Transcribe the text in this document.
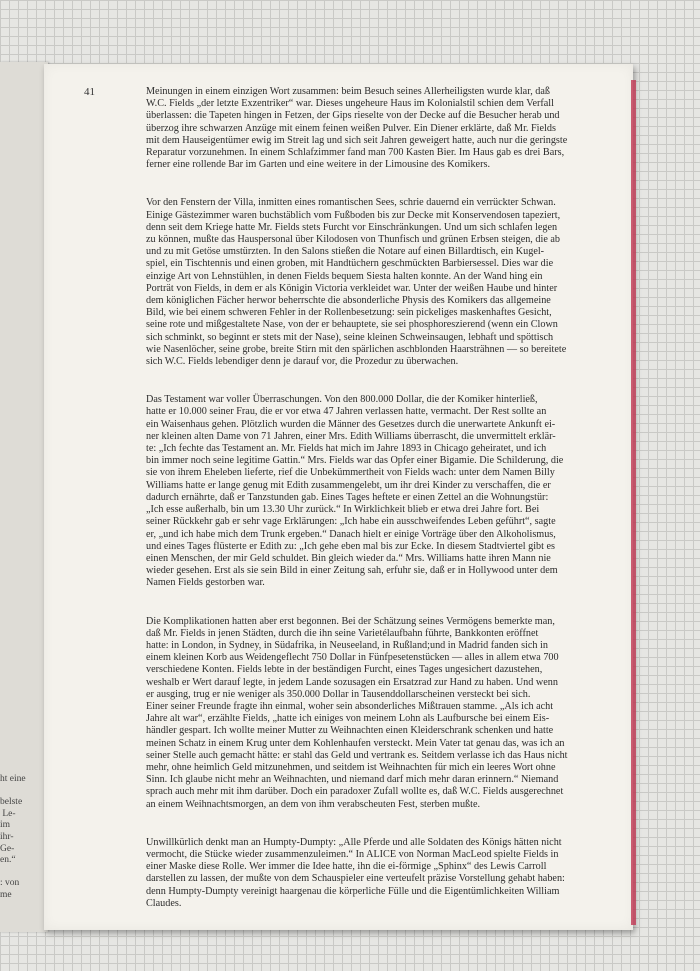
ht eine

belste
Le-
im
ihr-
Ge-
en.“

: von
me
41	Meinungen in einem einzigen Wort zusammen: beim Besuch seines Allerheiligsten wurde klar, daß
W.C. Fields „der letzte Exzentriker“ war. Dieses ungeheure Haus im Kolonialstil schien dem Verfall
überlassen: die Tapeten hingen in Fetzen, der Gips rieselte von der Decke auf die Besucher herab und
überzog ihre schwarzen Anzüge mit einem feinen weißen Pulver. Ein Diener erklärte, daß Mr. Fields
mit dem Hauseigentümer ewig im Streit lag und sich seit Jahren geweigert hatte, auch nur die geringste
Reparatur vorzunehmen. In einem Schlafzimmer fand man 700 Kasten Bier. Im Haus gab es drei Bars,
ferner eine rollende Bar im Garten und eine weitere in der Limousine des Komikers.

Vor den Fenstern der Villa, inmitten eines romantischen Sees, schrie dauernd ein verrückter Schwan.
Einige Gästezimmer waren buchstäblich vom Fußboden bis zur Decke mit Konservendosen tapeziert,
denn seit dem Kriege hatte Mr. Fields stets Furcht vor Einschränkungen. Und um sich schlafen legen
zu können, mußte das Hauspersonal über Kilodosen von Thunfisch und grünen Erbsen steigen, die ab
und zu mit Getöse umstürzten. In den Salons stießen die Notare auf einen Billardtisch, ein Kugel-
spiel, ein Tischtennis und einen groben, mit Handtüchern geschmückten Barbiersessel. Dies war die
einzige Art von Lehnstühlen, in denen Fields bequem Siesta halten konnte. An der Wand hing ein
Porträt von Fields, in dem er als Königin Victoria verkleidet war. Unter der weißen Haube und hinter
dem königlichen Fächer herwor beherrschte die absonderliche Physis des Komikers das allgemeine
Bild, wie bei einem schweren Fehler in der Rollenbesetzung: sein pickeliges maskenhaftes Gesicht,
seine rote und mißgestaltete Nase, von der er behauptete, sie sei phosphoreszierend (wenn ein Clown
sich schminkt, so beginnt er stets mit der Nase), seine kleinen Schweinsaugen, lebhaft und spöttisch
wie Nasenlöcher, seine grobe, breite Stirn mit den spärlichen aschblonden Haarsträhnen — so bereitete
sich W.C. Fields lebendiger denn je darauf vor, die Prozedur zu überwachen.

Das Testament war voller Überraschungen. Von den 800.000 Dollar, die der Komiker hinterließ,
hatte er 10.000 seiner Frau, die er vor etwa 47 Jahren verlassen hatte, vermacht. Der Rest sollte an
ein Waisenhaus gehen. Plötzlich wurden die Männer des Gesetzes durch die unerwartete Ankunft ei-
ner kleinen alten Dame von 71 Jahren, einer Mrs. Edith Williams überrascht, die unvermittelt erklär-
te: „Ich fechte das Testament an. Mr. Fields hat mich im Jahre 1893 in Chicago geheiratet, und ich
bin immer noch seine legitime Gattin.“ Mrs. Fields war das Opfer einer Bigamie. Die Schilderung, die
sie von ihrem Eheleben lieferte, rief die Unbekümmertheit von Fields wach: unter dem Namen Billy
Williams hatte er lange genug mit Edith zusammengelebt, um ihr drei Kinder zu verschaffen, die er
dadurch ernährte, daß er Tanzstunden gab. Eines Tages heftete er einen Zettel an die Wohnungstür:
„Ich esse außerhalb, bin um 13.30 Uhr zurück.“ In Wirklichkeit blieb er etwa drei Jahre fort. Bei
seiner Rückkehr gab er sehr vage Erklärungen: „Ich habe ein ausschweifendes Leben geführt“, sagte
er, „und ich habe mich dem Trunk ergeben.“ Danach hielt er einige Vorträge über den Alkoholismus,
und eines Tages flüsterte er Edith zu: „Ich gehe eben mal bis zur Ecke. In diesem Stadtviertel gibt es
einen Menschen, der mir Geld schuldet. Bin gleich wieder da.“ Mrs. Williams hatte ihren Mann nie
wieder gesehen. Erst als sie sein Bild in einer Zeitung sah, erfuhr sie, daß er in Hollywood unter dem
Namen Fields gestorben war.

Die Komplikationen hatten aber erst begonnen. Bei der Schätzung seines Vermögens bemerkte man,
daß Mr. Fields in jenen Städten, durch die ihn seine Varietélaufbahn führte, Bankkonten eröffnet
hatte: in London, in Sydney, in Südafrika, in Neuseeland, in Rußland;und in Madrid fanden sich in
einem kleinen Korb aus Weidengeflecht 750 Dollar in Fünfpesetenstücken — alles in allem etwa 700
verschiedene Konten. Fields lebte in der beständigen Furcht, eines Tages ungesichert dazustehen,
weshalb er Wert darauf legte, in jedem Lande sozusagen ein Ersatzrad zur Hand zu haben. Und wenn
er ausging, trug er nie weniger als 350.000 Dollar in Tausenddollarscheinen versteckt bei sich.
Einer seiner Freunde fragte ihn einmal, woher sein absonderliches Mißtrauen stamme. „Als ich acht
Jahre alt war“, erzählte Fields, „hatte ich einiges von meinem Lohn als Laufbursche bei einem Eis-
händler gespart. Ich wollte meiner Mutter zu Weihnachten einen Kleiderschrank schenken und hatte
meinen Schatz in einem Krug unter dem Kohlenhaufen versteckt. Mein Vater tat genau das, was ich an
seiner Stelle auch gemacht hätte: er stahl das Geld und vertrank es. Seitdem verlasse ich das Haus nicht
mehr, ohne heimlich Geld mitzunehmen, und seitdem ist Weihnachten für mich ein leeres Wort ohne
Sinn. Ich glaube nicht mehr an Weihnachten, und niemand darf mich mehr daran erinnern.“ Niemand
sprach auch mehr mit ihm darüber. Doch ein paradoxer Zufall wollte es, daß W.C. Fields ausgerechnet
an einem Weihnachtsmorgen, an dem von ihm verabscheuten Fest, sterben mußte.

Unwillkürlich denkt man an Humpty-Dumpty: „Alle Pferde und alle Soldaten des Königs hätten nicht
vermocht, die Stücke wieder zusammenzuleimen.“ In ALICE von Norman MacLeod spielte Fields in
einer Maske diese Rolle. Wer immer die Idee hatte, ihn die ei-förmige „Sphinx“ des Lewis Carroll
darstellen zu lassen, der mußte von dem Schauspieler eine verteufelt präzise Vorstellung gehabt haben:
denn Humpty-Dumpty vereinigt haargenau die körperliche Fülle und die Eigentümlichkeiten William
Claudes.
